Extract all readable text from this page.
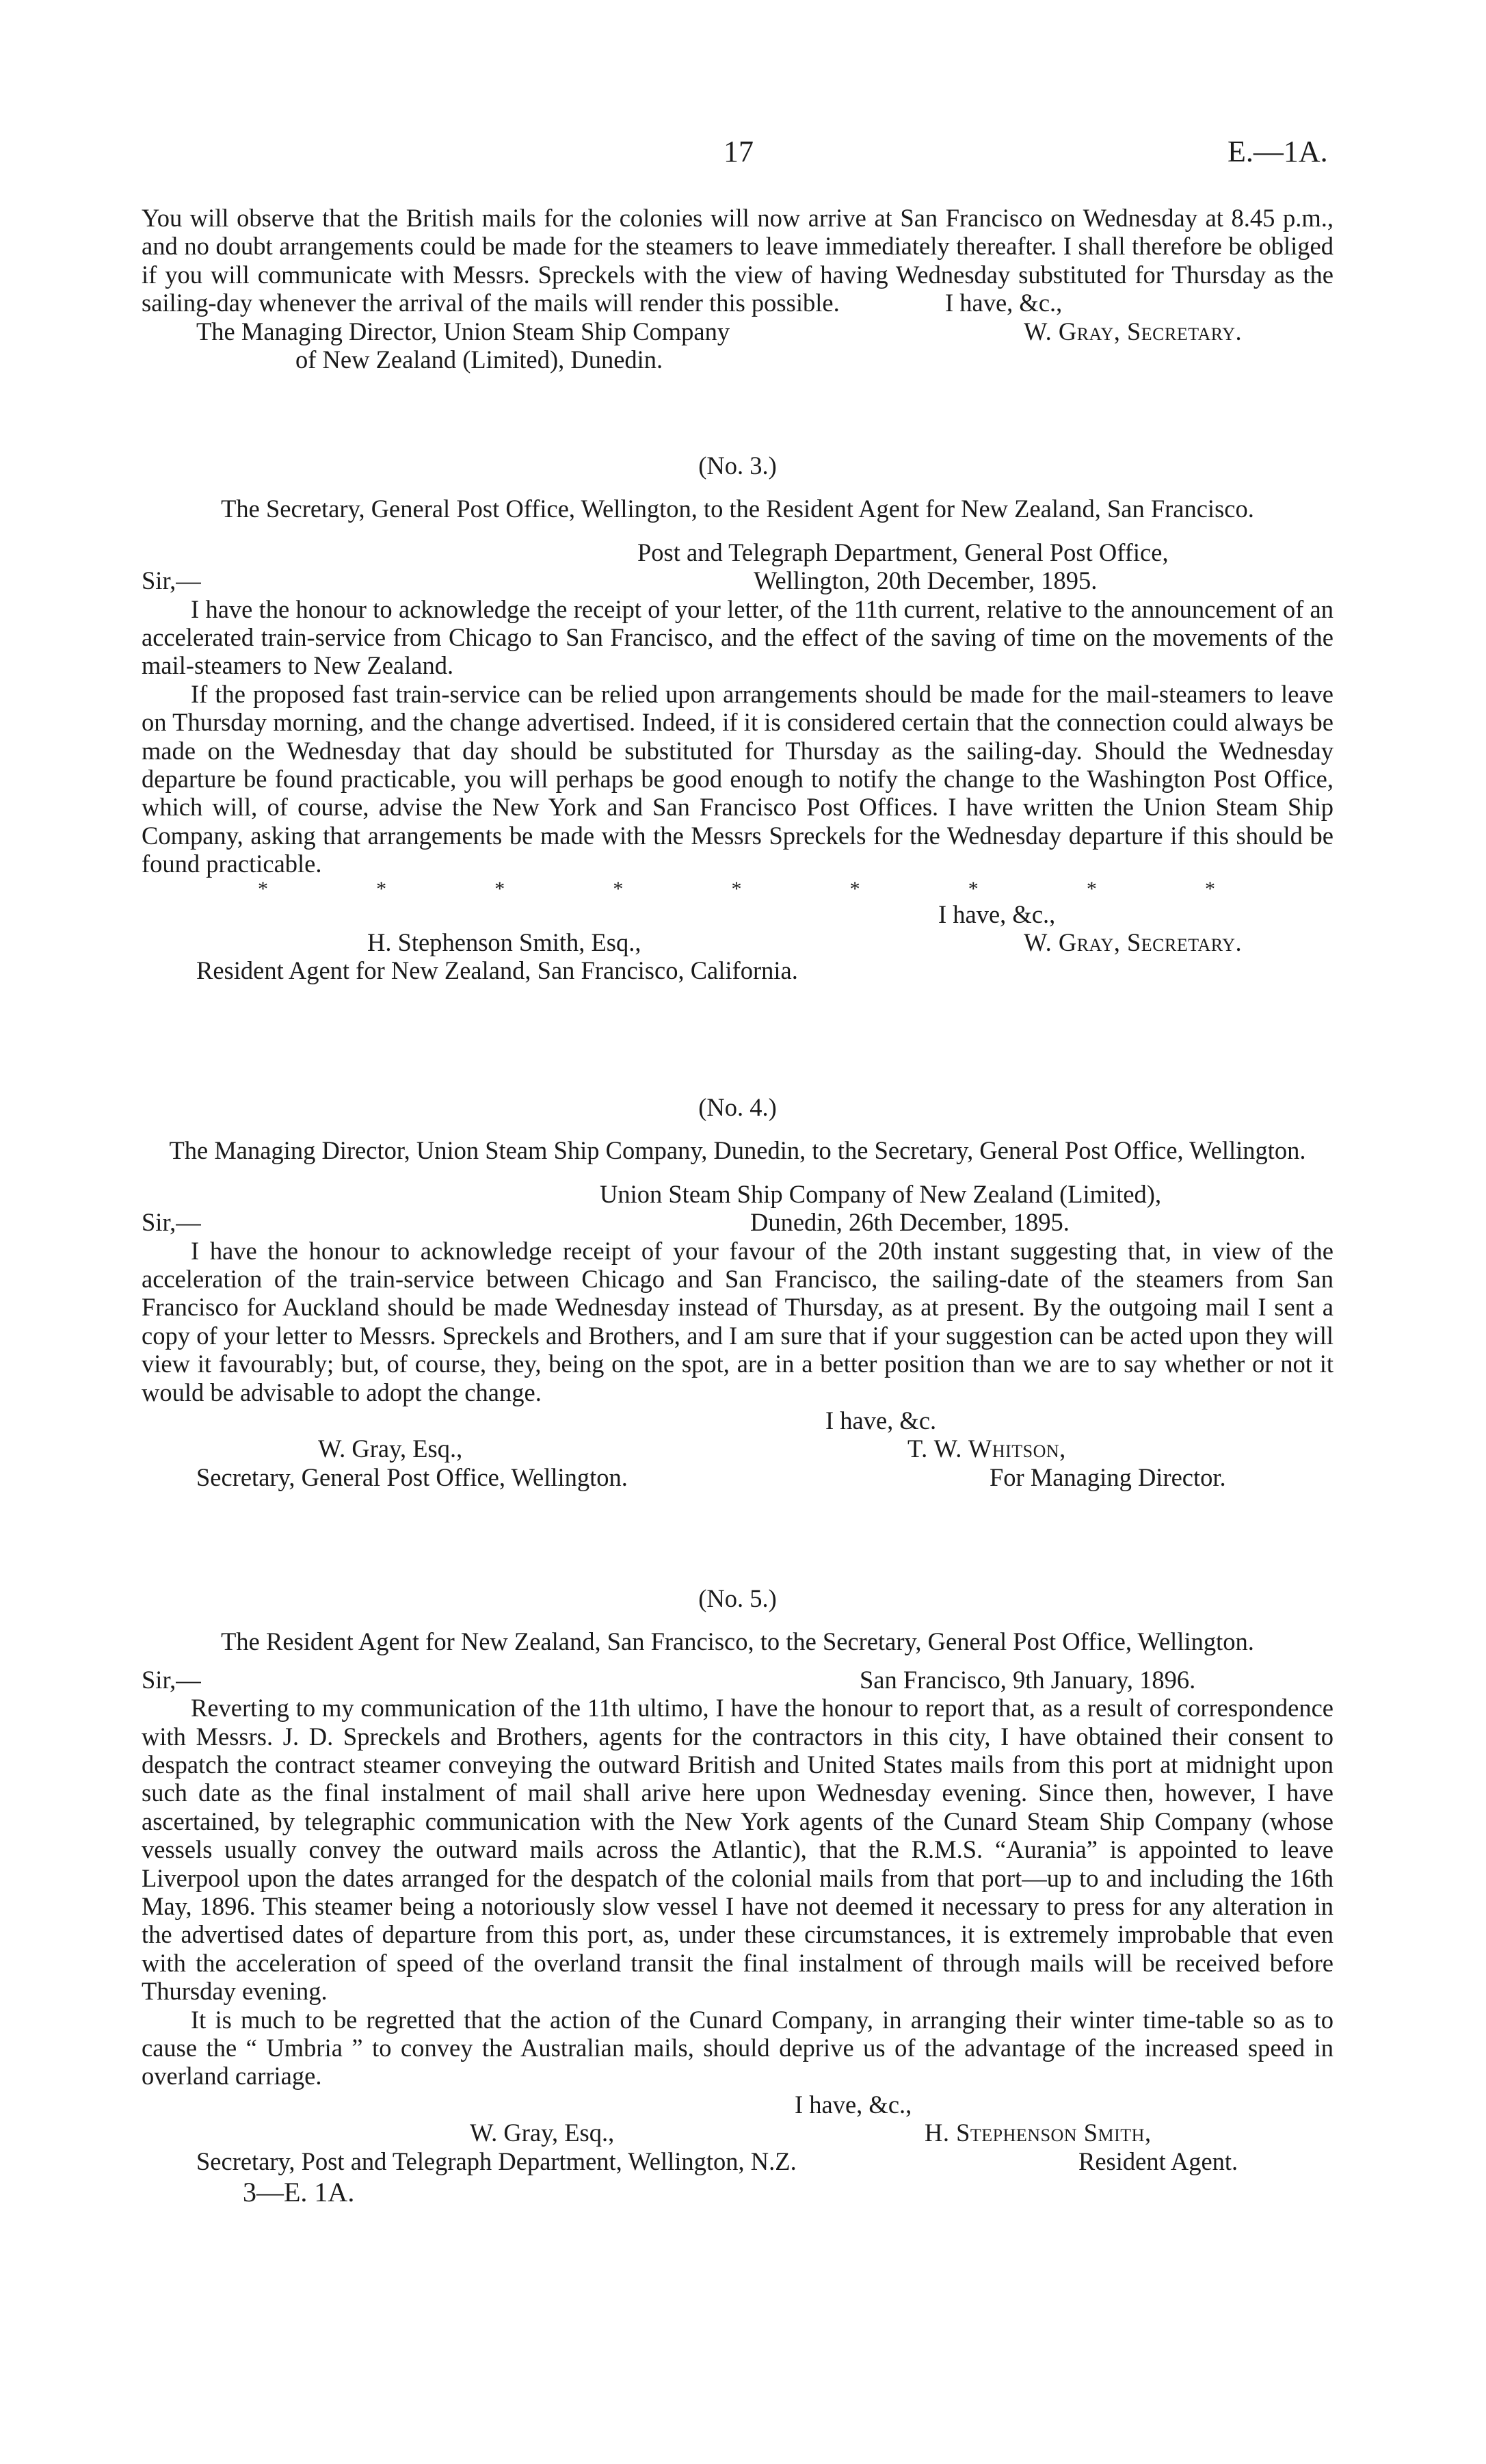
17	E.—1A.

You will observe that the British mails for the colonies will now arrive at San Francisco on Wednesday at 8.45 p.m., and no doubt arrangements could be made for the steamers to leave immediately thereafter. I shall therefore be obliged if you will communicate with Messrs. Spreckels with the view of having Wednesday substituted for Thursday as the sailing-day whenever the arrival of the mails will render this possible.	I have, &c.,
The Managing Director, Union Steam Ship Company	W. Gray, Secretary.
of New Zealand (Limited), Dunedin.
(No. 3.)

The Secretary, General Post Office, Wellington, to the Resident Agent for New Zealand, San Francisco.

Post and Telegraph Department, General Post Office,
Sir,—	Wellington, 20th December, 1895.

I have the honour to acknowledge the receipt of your letter, of the 11th current, relative to the announcement of an accelerated train-service from Chicago to San Francisco, and the effect of the saving of time on the movements of the mail-steamers to New Zealand.

If the proposed fast train-service can be relied upon arrangements should be made for the mail-steamers to leave on Thursday morning, and the change advertised. Indeed, if it is considered certain that the connection could always be made on the Wednesday that day should be substituted for Thursday as the sailing-day. Should the Wednesday departure be found practicable, you will perhaps be good enough to notify the change to the Washington Post Office, which will, of course, advise the New York and San Francisco Post Offices. I have written the Union Steam Ship Company, asking that arrangements be made with the Messrs Spreckels for the Wednesday departure if this should be found practicable.

*	*	*	*	*	*	*	*	*
I have, &c.,
H. Stephenson Smith, Esq.,	W. Gray, Secretary.
Resident Agent for New Zealand, San Francisco, California.
(No. 4.)

The Managing Director, Union Steam Ship Company, Dunedin, to the Secretary, General Post Office, Wellington.

Union Steam Ship Company of New Zealand (Limited),
Sir,—	Dunedin, 26th December, 1895.

I have the honour to acknowledge receipt of your favour of the 20th instant suggesting that, in view of the acceleration of the train-service between Chicago and San Francisco, the sailing-date of the steamers from San Francisco for Auckland should be made Wednesday instead of Thursday, as at present. By the outgoing mail I sent a copy of your letter to Messrs. Spreckels and Brothers, and I am sure that if your suggestion can be acted upon they will view it favourably; but, of course, they, being on the spot, are in a better position than we are to say whether or not it would be advisable to adopt the change.

I have, &c.
W. Gray, Esq.,	T. W. Whitson,
Secretary, General Post Office, Wellington.	For Managing Director.
(No. 5.)

The Resident Agent for New Zealand, San Francisco, to the Secretary, General Post Office, Wellington.

Sir,—	San Francisco, 9th January, 1896.

Reverting to my communication of the 11th ultimo, I have the honour to report that, as a result of correspondence with Messrs. J. D. Spreckels and Brothers, agents for the contractors in this city, I have obtained their consent to despatch the contract steamer conveying the outward British and United States mails from this port at midnight upon such date as the final instalment of mail shall arive here upon Wednesday evening. Since then, however, I have ascertained, by telegraphic communication with the New York agents of the Cunard Steam Ship Company (whose vessels usually convey the outward mails across the Atlantic), that the R.M.S. “Aurania” is appointed to leave Liverpool upon the dates arranged for the despatch of the colonial mails from that port—up to and including the 16th May, 1896. This steamer being a notoriously slow vessel I have not deemed it necessary to press for any alteration in the advertised dates of departure from this port, as, under these circumstances, it is extremely improbable that even with the acceleration of speed of the overland transit the final instalment of through mails will be received before Thursday evening.

It is much to be regretted that the action of the Cunard Company, in arranging their winter time-table so as to cause the “ Umbria ” to convey the Australian mails, should deprive us of the advantage of the increased speed in overland carriage.

I have, &c.,
W. Gray, Esq.,	H. Stephenson Smith,
Secretary, Post and Telegraph Department, Wellington, N.Z.	Resident Agent.
3—E. 1A.
